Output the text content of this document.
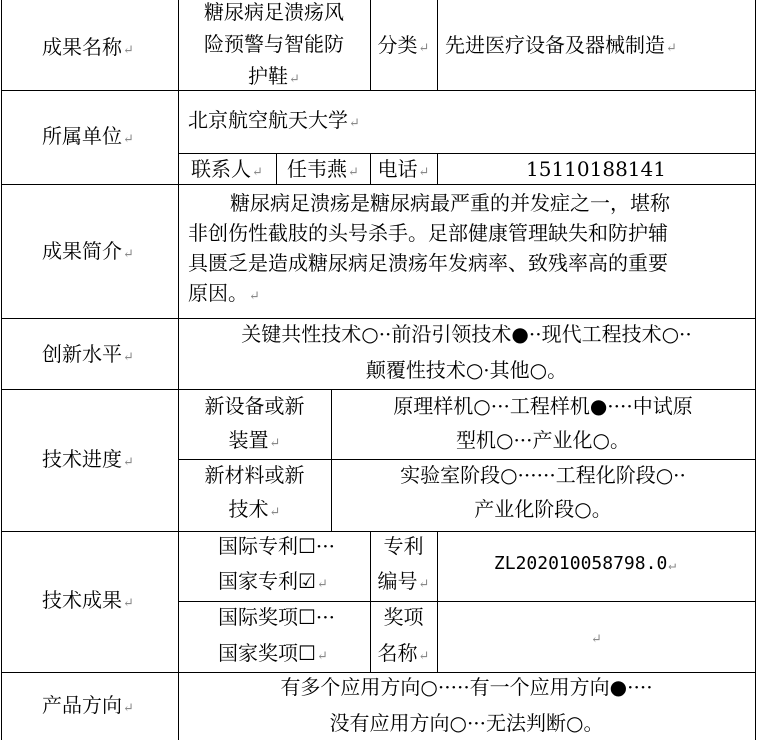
成果名称↵
糖尿病足溃疡风
险预警与智能防
护鞋↵
分类↵ 先进医疗设备及器械制造↵
所属单位↵
北京航空航天大学↵
联系人↵	任韦燕↵ 电话↵	15110188141
成果简介↵
糖尿病足溃疡是糖尿病最严重的并发症之一，堪称
非创伤性截肢的头号杀手。足部健康管理缺失和防护辅
具匮乏是造成糖尿病足溃疡年发病率、致残率高的重要
原因。↵
创新水平↵
关键共性技术○··前沿引领技术●··现代工程技术○··
颠覆性技术○·其他○。
技术进度↵
新设备或新
装置↵
原理样机○···工程样机●····中试原
型机○···产业化○。
新材料或新
技术↵
实验室阶段○······工程化阶段○··
产业化阶段○。
技术成果↵
国际专利☐···
国家专利☑↵
专利
编号↵
ZL202010058798.0↵
国际奖项☐···
国家奖项☐↵
奖项
名称↵
↵
产品方向↵
有多个应用方向○·····有一个应用方向●····
没有应用方向○···无法判断○。
